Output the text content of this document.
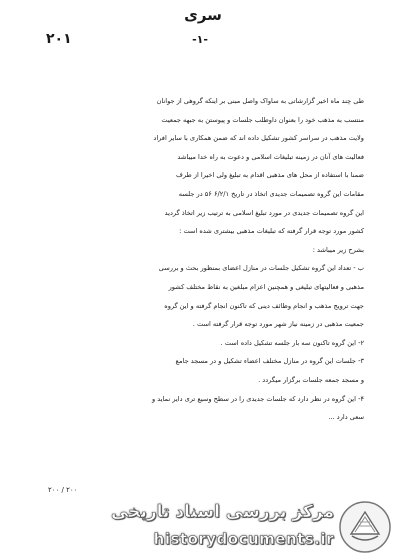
سری
-۱-
۲۰۱

طی چند ماه اخیر گزارشاتی به ساواک واصل مبنی بر اینکه گروهی از جوانان

منتسب به مذهب خود را بعنوان داوطلب جلسات و پیوستن به جبهه جمعیت

ولایت مذهب در سراسر کشور تشکیل داده اند که ضمن همکاری با سایر افراد

فعالیت های آنان در زمینه تبلیغات اسلامی و دعوت به راه خدا میباشد

ضمنا با استفاده از محل های مذهبی اقدام به تبلیغ ولی اخیرا از طرف

مقامات این گروه تصمیمات جدیدی اتخاذ در تاریخ ۶/۲/۱ ۵۶ در جلسه

این گروه تصمیمات جدیدی در مورد تبلیغ اسلامی به ترتیب زیر اتخاذ گردید

کشور مورد توجه قرار گرفته که تبلیغات مذهبی بیشتری شده است :

بشرح زیر میباشد :

ب - تعداد این گروه تشکیل جلسات در منازل اعضای بمنظور بحث و بررسی

مذهبی و فعالیتهای تبلیغی و همچنین اعزام مبلغین به نقاط مختلف کشور

جهت ترویج مذهب و انجام وظائف دینی که تاکنون انجام گرفته و این گروه

جمعیت مذهبی در زمینه نیاز شهر مورد توجه قرار گرفته است .

۲- این گروه تاکنون سه بار جلسه تشکیل داده است .

۳- جلسات این گروه در منازل مختلف اعضاء تشکیل و در مسجد جامع

و مسجد جمعه جلسات برگزار میگردد .

۴- این گروه در نظر دارد که جلسات جدیدی را در سطح وسیع تری دایر نماید و

سعی دارد ...

۲۰۰ / ۲۰۰
مرکز بررسی اسناد تاریخی
historydocuments.ir
